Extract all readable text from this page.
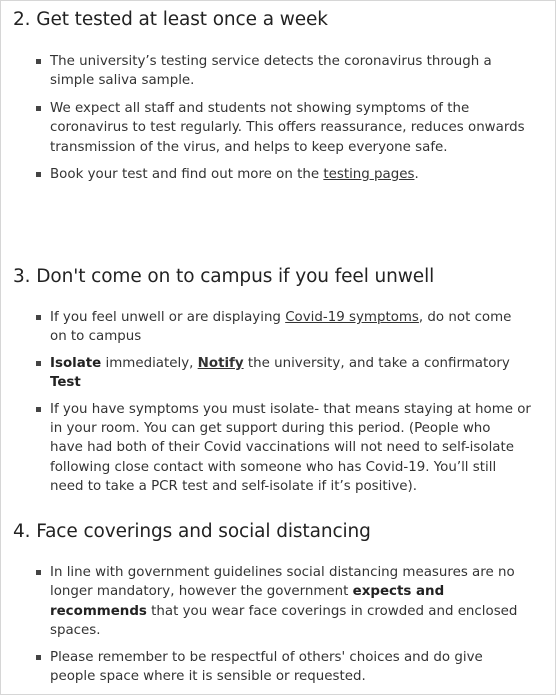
2. Get tested at least once a week
The university’s testing service detects the coronavirus through a
simple saliva sample.
We expect all staff and students not showing symptoms of the
coronavirus to test regularly. This offers reassurance, reduces onwards
transmission of the virus, and helps to keep everyone safe.
Book your test and find out more on the testing pages.
3. Don't come on to campus if you feel unwell
If you feel unwell or are displaying Covid-19 symptoms, do not come
on to campus
Isolate immediately, Notify the university, and take a confirmatory
Test
If you have symptoms you must isolate- that means staying at home or
in your room. You can get support during this period. (People who
have had both of their Covid vaccinations will not need to self-isolate
following close contact with someone who has Covid-19. You’ll still
need to take a PCR test and self-isolate if it’s positive).
4. Face coverings and social distancing
In line with government guidelines social distancing measures are no
longer mandatory, however the government expects and
recommends that you wear face coverings in crowded and enclosed
spaces.
Please remember to be respectful of others' choices and do give
people space where it is sensible or requested.
